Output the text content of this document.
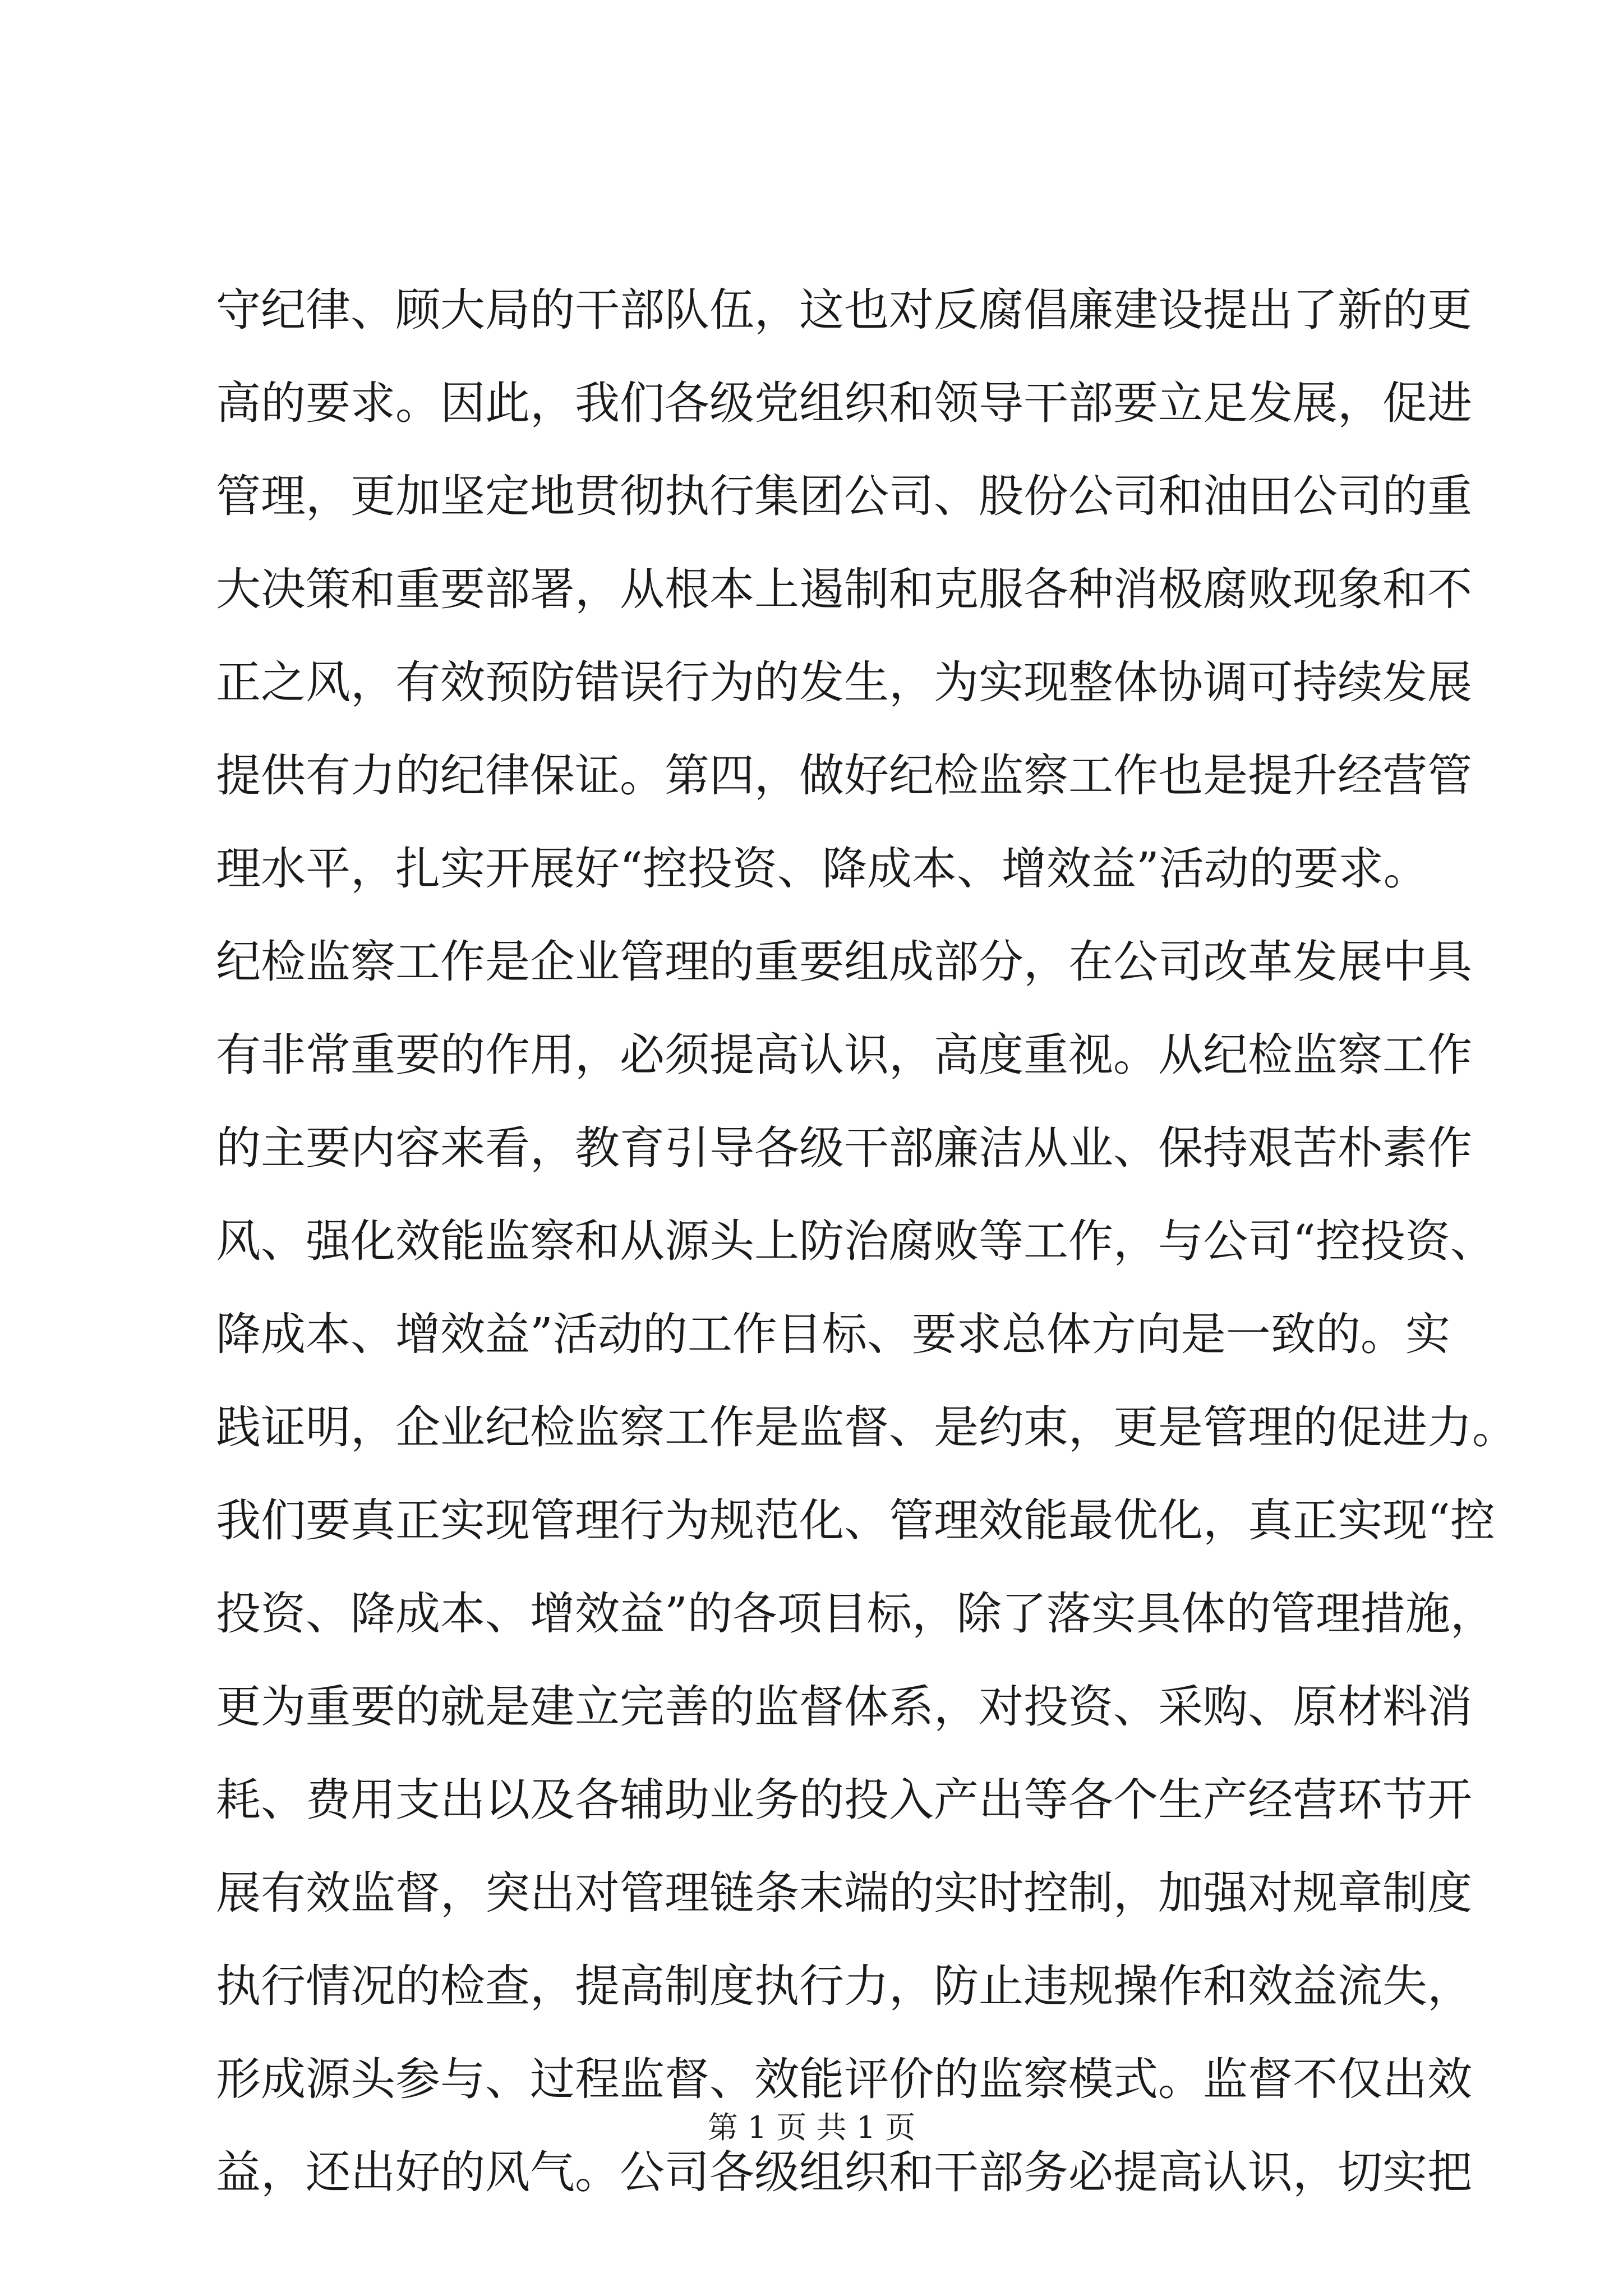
守纪律、顾大局的干部队伍，这也对反腐倡廉建设提出了新的更
高的要求。因此，我们各级党组织和领导干部要立足发展，促进
管理，更加坚定地贯彻执行集团公司、股份公司和油田公司的重
大决策和重要部署，从根本上遏制和克服各种消极腐败现象和不
正之风，有效预防错误行为的发生，为实现整体协调可持续发展
提供有力的纪律保证。第四，做好纪检监察工作也是提升经营管
理水平，扎实开展好“控投资、降成本、增效益”活动的要求。
纪检监察工作是企业管理的重要组成部分，在公司改革发展中具
有非常重要的作用，必须提高认识，高度重视。从纪检监察工作
的主要内容来看，教育引导各级干部廉洁从业、保持艰苦朴素作
风、强化效能监察和从源头上防治腐败等工作，与公司“控投资、
降成本、增效益”活动的工作目标、要求总体方向是一致的。实
践证明，企业纪检监察工作是监督、是约束，更是管理的促进力。
我们要真正实现管理行为规范化、管理效能最优化，真正实现“控
投资、降成本、增效益”的各项目标，除了落实具体的管理措施，
更为重要的就是建立完善的监督体系，对投资、采购、原材料消
耗、费用支出以及各辅助业务的投入产出等各个生产经营环节开
展有效监督，突出对管理链条末端的实时控制，加强对规章制度
执行情况的检查，提高制度执行力，防止违规操作和效益流失，
形成源头参与、过程监督、效能评价的监察模式。监督不仅出效
益，还出好的风气。公司各级组织和干部务必提高认识，切实把
第 1 页 共 1 页
